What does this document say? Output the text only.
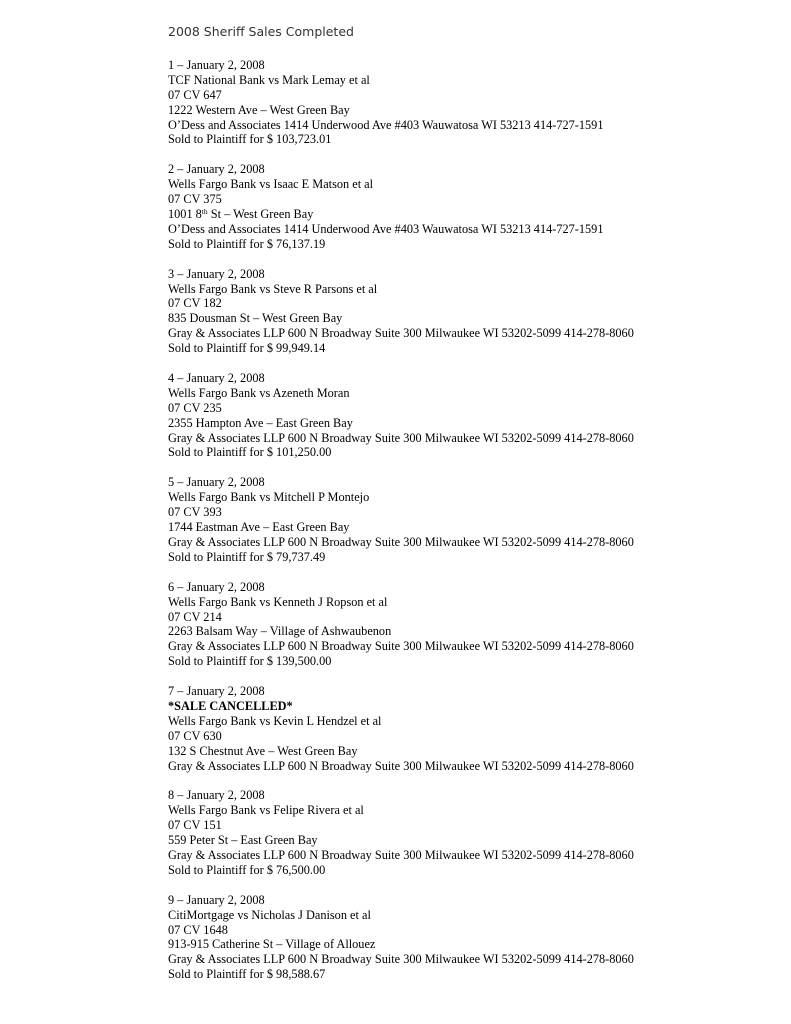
2008 Sheriff Sales Completed
1 – January 2, 2008
TCF National Bank vs Mark Lemay et al
07 CV 647
1222 Western Ave – West Green Bay
O’Dess and Associates 1414 Underwood Ave #403 Wauwatosa WI 53213 414-727-1591
Sold to Plaintiff for $ 103,723.01
2 – January 2, 2008
Wells Fargo Bank vs Isaac E Matson et al
07 CV 375
1001 8th St – West Green Bay
O’Dess and Associates 1414 Underwood Ave #403 Wauwatosa WI 53213 414-727-1591
Sold to Plaintiff for $ 76,137.19
3 – January 2, 2008
Wells Fargo Bank vs Steve R Parsons et al
07 CV 182
835 Dousman St – West Green Bay
Gray & Associates LLP 600 N Broadway Suite 300 Milwaukee WI 53202-5099 414-278-8060
Sold to Plaintiff for $ 99,949.14
4 – January 2, 2008
Wells Fargo Bank vs Azeneth Moran
07 CV 235
2355 Hampton Ave – East Green Bay
Gray & Associates LLP 600 N Broadway Suite 300 Milwaukee WI 53202-5099 414-278-8060
Sold to Plaintiff for $ 101,250.00
5 – January 2, 2008
Wells Fargo Bank vs Mitchell P Montejo
07 CV 393
1744 Eastman Ave – East Green Bay
Gray & Associates LLP 600 N Broadway Suite 300 Milwaukee WI 53202-5099 414-278-8060
Sold to Plaintiff for $ 79,737.49
6 – January 2, 2008
Wells Fargo Bank vs Kenneth J Ropson et al
07 CV 214
2263 Balsam Way – Village of Ashwaubenon
Gray & Associates LLP 600 N Broadway Suite 300 Milwaukee WI 53202-5099 414-278-8060
Sold to Plaintiff for $ 139,500.00
7 – January 2, 2008
*SALE CANCELLED*
Wells Fargo Bank vs Kevin L Hendzel et al
07 CV 630
132 S Chestnut Ave – West Green Bay
Gray & Associates LLP 600 N Broadway Suite 300 Milwaukee WI 53202-5099 414-278-8060
8 – January 2, 2008
Wells Fargo Bank vs Felipe Rivera et al
07 CV 151
559 Peter St – East Green Bay
Gray & Associates LLP 600 N Broadway Suite 300 Milwaukee WI 53202-5099 414-278-8060
Sold to Plaintiff for $ 76,500.00
9 – January 2, 2008
CitiMortgage vs Nicholas J Danison et al
07 CV 1648
913-915 Catherine St – Village of Allouez
Gray & Associates LLP 600 N Broadway Suite 300 Milwaukee WI 53202-5099 414-278-8060
Sold to Plaintiff for $ 98,588.67
